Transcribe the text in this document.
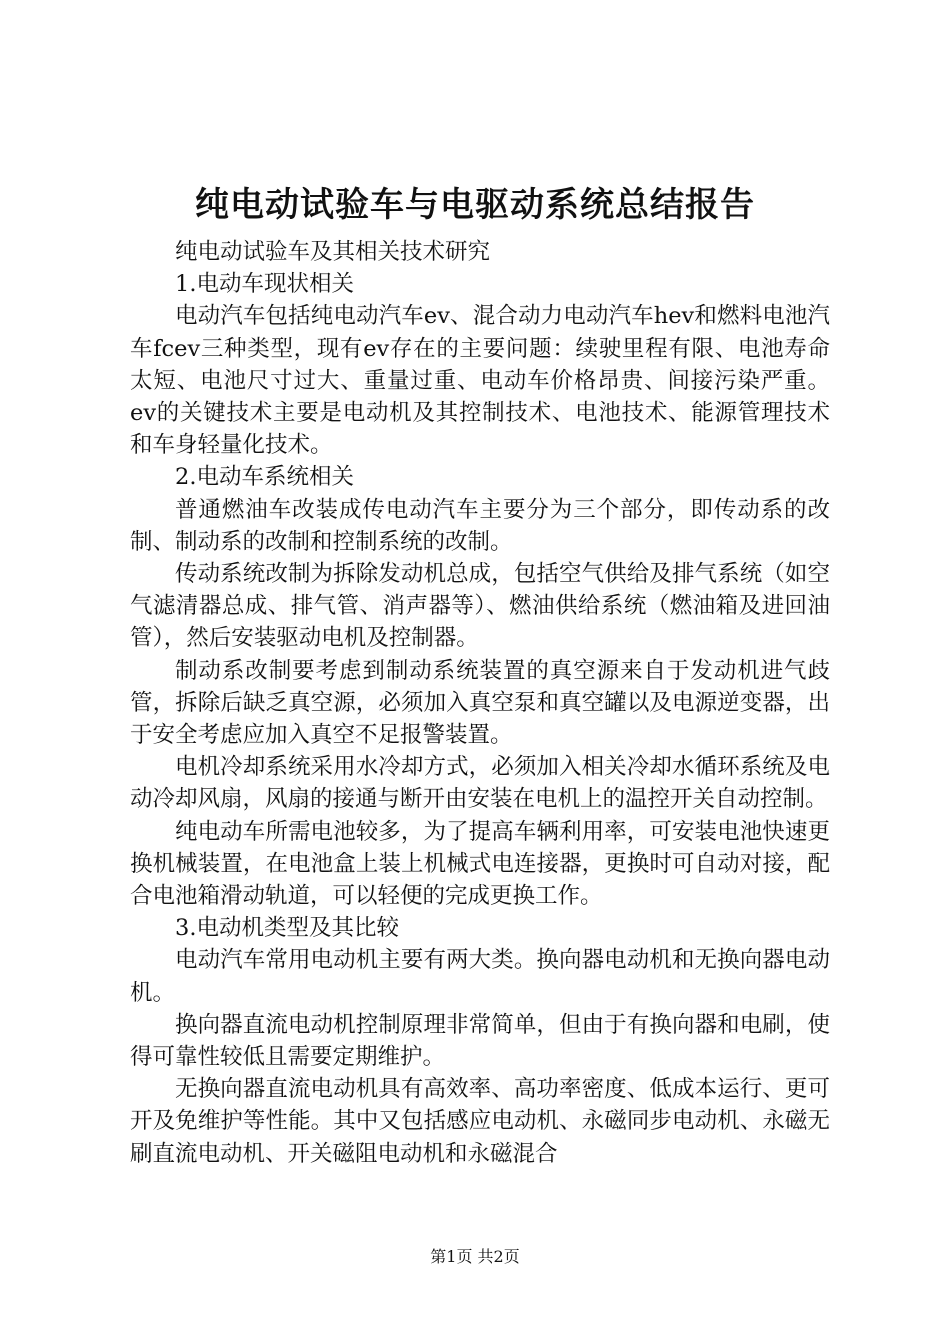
纯电动试验车与电驱动系统总结报告

纯电动试验车及其相关技术研究

1.电动车现状相关

电动汽车包括纯电动汽车ev、混合动力电动汽车hev和燃料电池汽车fcev三种类型，现有ev存在的主要问题：续驶里程有限、电池寿命太短、电池尺寸过大、重量过重、电动车价格昂贵、间接污染严重。ev的关键技术主要是电动机及其控制技术、电池技术、能源管理技术和车身轻量化技术。

2.电动车系统相关

普通燃油车改装成传电动汽车主要分为三个部分，即传动系的改制、制动系的改制和控制系统的改制。

传动系统改制为拆除发动机总成，包括空气供给及排气系统（如空气滤清器总成、排气管、消声器等）、燃油供给系统（燃油箱及进回油管），然后安装驱动电机及控制器。

制动系改制要考虑到制动系统装置的真空源来自于发动机进气歧管，拆除后缺乏真空源，必须加入真空泵和真空罐以及电源逆变器，出于安全考虑应加入真空不足报警装置。

电机冷却系统采用水冷却方式，必须加入相关冷却水循环系统及电动冷却风扇，风扇的接通与断开由安装在电机上的温控开关自动控制。

纯电动车所需电池较多，为了提高车辆利用率，可安装电池快速更换机械装置，在电池盒上装上机械式电连接器，更换时可自动对接，配合电池箱滑动轨道，可以轻便的完成更换工作。

3.电动机类型及其比较

电动汽车常用电动机主要有两大类。换向器电动机和无换向器电动机。

换向器直流电动机控制原理非常简单，但由于有换向器和电刷，使得可靠性较低且需要定期维护。

无换向器直流电动机具有高效率、高功率密度、低成本运行、更可开及免维护等性能。其中又包括感应电动机、永磁同步电动机、永磁无刷直流电动机、开关磁阻电动机和永磁混合

第1页 共2页
